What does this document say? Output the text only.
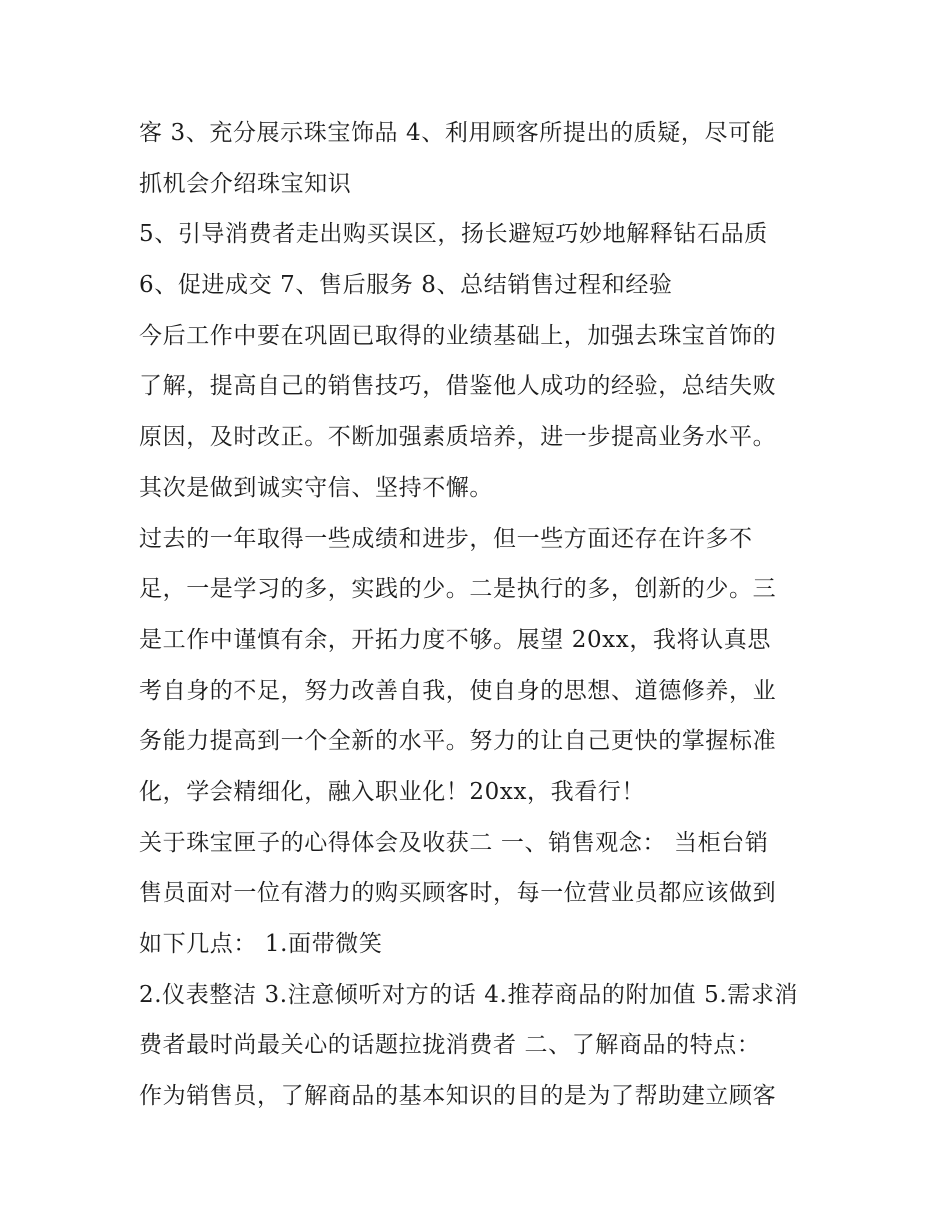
客 3、充分展示珠宝饰品 4、利用顾客所提出的质疑，尽可能
抓机会介绍珠宝知识
5、引导消费者走出购买误区，扬长避短巧妙地解释钻石品质
6、促进成交 7、售后服务 8、总结销售过程和经验
今后工作中要在巩固已取得的业绩基础上，加强去珠宝首饰的
了解，提高自己的销售技巧，借鉴他人成功的经验，总结失败
原因，及时改正。不断加强素质培养，进一步提高业务水平。
其次是做到诚实守信、坚持不懈。
过去的一年取得一些成绩和进步，但一些方面还存在许多不
足，一是学习的多，实践的少。二是执行的多，创新的少。三
是工作中谨慎有余，开拓力度不够。展望 20xx，我将认真思
考自身的不足，努力改善自我，使自身的思想、道德修养，业
务能力提高到一个全新的水平。努力的让自己更快的掌握标准
化，学会精细化，融入职业化！20xx，我看行！
关于珠宝匣子的心得体会及收获二 一、销售观念： 当柜台销
售员面对一位有潜力的购买顾客时，每一位营业员都应该做到
如下几点： 1.面带微笑
2.仪表整洁 3.注意倾听对方的话 4.推荐商品的附加值 5.需求消
费者最时尚最关心的话题拉拢消费者 二、了解商品的特点：
作为销售员，了解商品的基本知识的目的是为了帮助建立顾客
